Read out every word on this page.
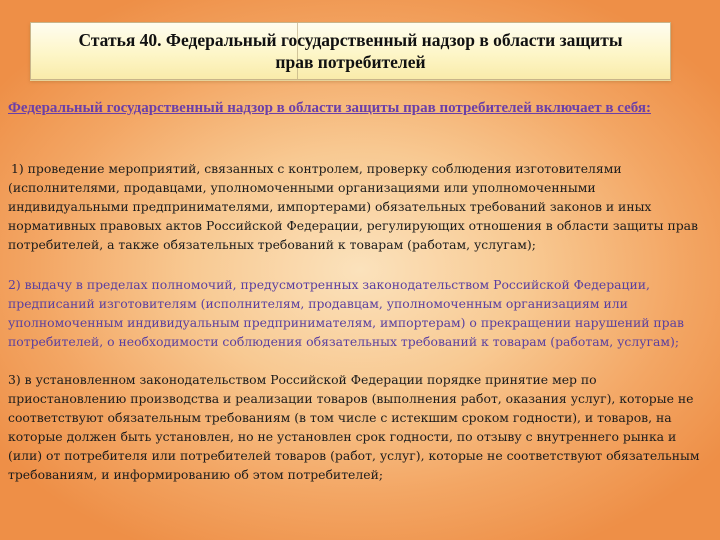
Статья 40. Федеральный государственный надзор в области защиты
прав потребителей
Федеральный государственный надзор в области защиты прав потребителей включает в себя:

1) проведение мероприятий, связанных с контролем, проверку соблюдения изготовителями (исполнителями, продавцами, уполномоченными организациями или уполномоченными индивидуальными предпринимателями, импортерами) обязательных требований законов и иных нормативных правовых актов Российской Федерации, регулирующих отношения в области защиты прав потребителей, а также обязательных требований к товарам (работам, услугам);

2) выдачу в пределах полномочий, предусмотренных законодательством Российской Федерации, предписаний изготовителям (исполнителям, продавцам, уполномоченным организациям или уполномоченным индивидуальным предпринимателям, импортерам) о прекращении нарушений прав потребителей, о необходимости соблюдения обязательных требований к товарам (работам, услугам);

3) в установленном законодательством Российской Федерации порядке принятие мер по приостановлению производства и реализации товаров (выполнения работ, оказания услуг), которые не соответствуют обязательным требованиям (в том числе с истекшим сроком годности), и товаров, на которые должен быть установлен, но не установлен срок годности, по отзыву с внутреннего рынка и (или) от потребителя или потребителей товаров (работ, услуг), которые не соответствуют обязательным требованиям, и информированию об этом потребителей;
